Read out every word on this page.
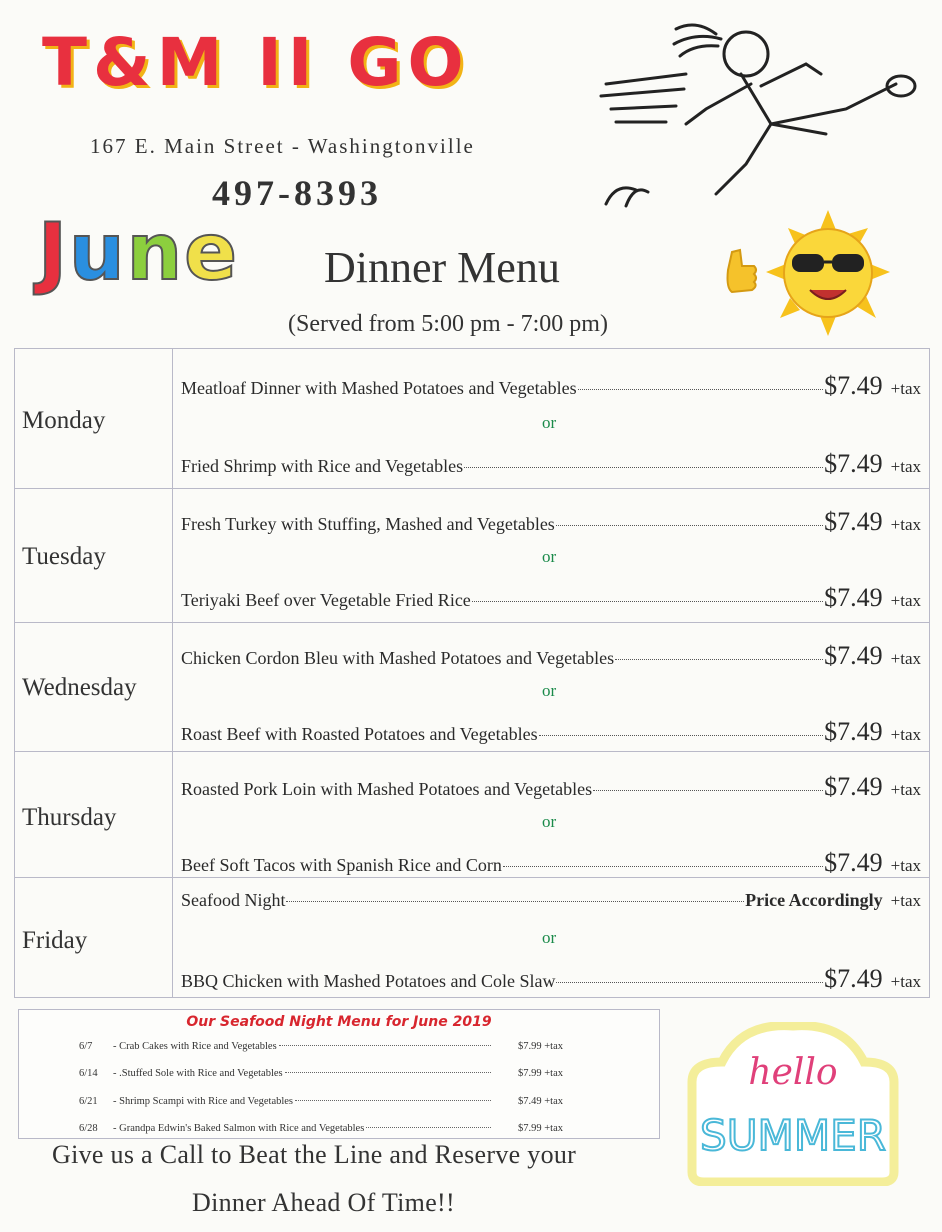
T&M II GO
167 E. Main Street - Washingtonville
497-8393
June Dinner Menu
(Served from 5:00 pm - 7:00 pm)
Monday
Meatloaf Dinner with Mashed Potatoes and Vegetables	$7.49 +tax
or
Fried Shrimp with Rice and Vegetables	$7.49 +tax
Tuesday
Fresh Turkey with Stuffing, Mashed and Vegetables	$7.49 +tax
or
Teriyaki Beef over Vegetable Fried Rice	$7.49 +tax
Wednesday
Chicken Cordon Bleu with Mashed Potatoes and Vegetables	$7.49 +tax
or
Roast Beef with Roasted Potatoes and Vegetables	$7.49 +tax
Thursday
Roasted Pork Loin with Mashed Potatoes and Vegetables	$7.49 +tax
or
Beef Soft Tacos with Spanish Rice and Corn	$7.49 +tax
Friday
Seafood Night	Price Accordingly +tax
or
BBQ Chicken with Mashed Potatoes and Cole Slaw	$7.49 +tax
Our Seafood Night Menu for June 2019
6/7	- Crab Cakes with Rice and Vegetables	$7.99 +tax
6/14	- .Stuffed Sole with Rice and Vegetables	$7.99 +tax
6/21	- Shrimp Scampi with Rice and Vegetables	$7.49 +tax
6/28	- Grandpa Edwin's Baked Salmon with Rice and Vegetables	$7.99 +tax
Give us a Call to Beat the Line and Reserve your
Dinner Ahead Of Time!!
hello
SUMMER
